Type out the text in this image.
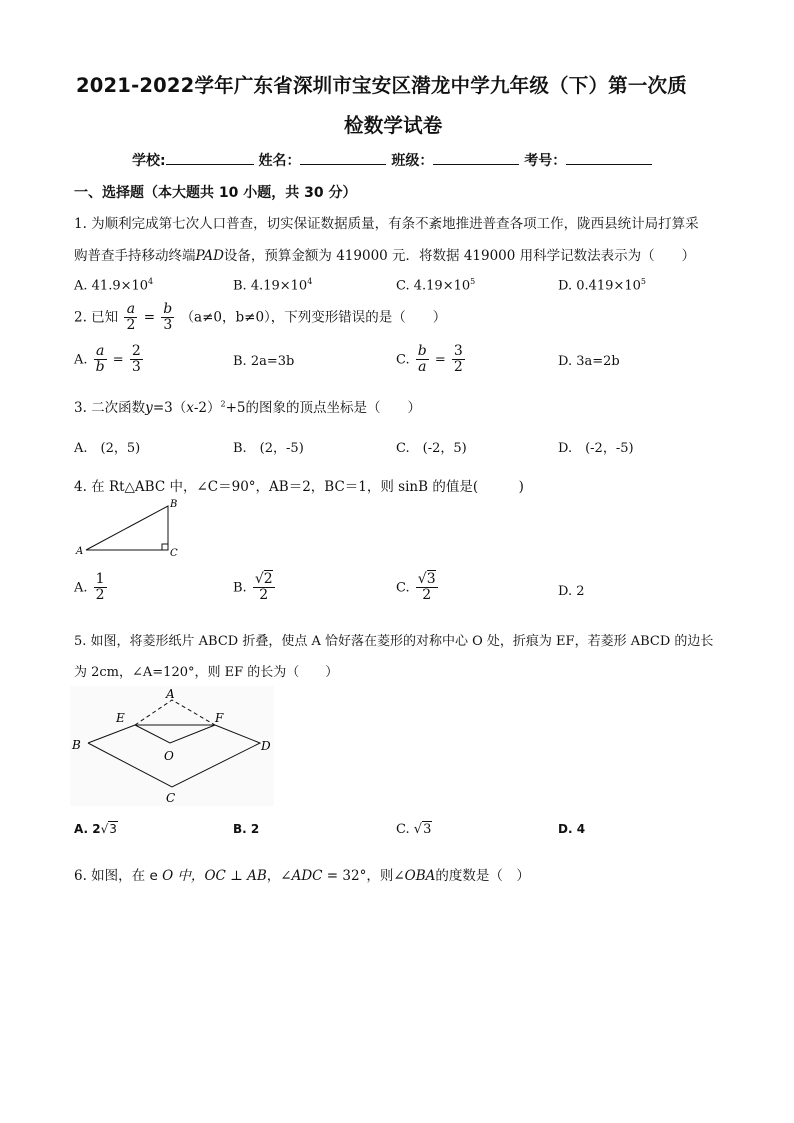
2021-2022学年广东省深圳市宝安区潜龙中学九年级（下）第一次质
检数学试卷
学校:	姓名：	班级：	考号：
一、选择题（本大题共 10 小题，共 30 分）
1. 为顺利完成第七次人口普查，切实保证数据质量，有条不紊地推进普查各项工作，陇西县统计局打算采
购普查手持移动终端PAD设备，预算金额为 419000 元．将数据 419000 用科学记数法表示为（　　）
A. $41.9\times 10^4$	B. $4.19\times 10^4$	C. $4.19\times 10^5$	D. $0.419\times 10^5$
2. 已知 $\frac{a}{2} = \frac{b}{3} (a\ne 0$，b≠0），下列变形错误的是（　　）
A. $\frac{a}{b} = \frac{2}{3}$	B. 2a=3b	C. $\frac{b}{a} = \frac{3}{2}$	D. 3a=2b
3. 二次函数$y=3(x-2)^2+5$的图象的顶点坐标是（　　）
A.　(2，5)	B.　(2，-5)	C.　(-2，5)	D.　(-2，-5)
4. 在 Rt△ABC 中，∠C＝90°，AB＝2，BC＝1，则 sinB 的值是(　　　)
B
A	C
A. $\frac{1}{2}$	B. $\frac{√2}{2}$	C. $\frac{√3}{2}$	D. 2
5. 如图，将菱形纸片 ABCD 折叠，使点 A 恰好落在菱形的对称中心 O 处，折痕为 EF，若菱形 ABCD 的边长
为 2cm，∠A=120°，则 EF 的长为（　　）
A
E	F
B	D
O
C
A. 2√3	B. 2	C. √3	D. 4
6. 如图，在 e O 中，OC ⊥ AB，∠ADC = 32°，则∠OBA的度数是（　）
